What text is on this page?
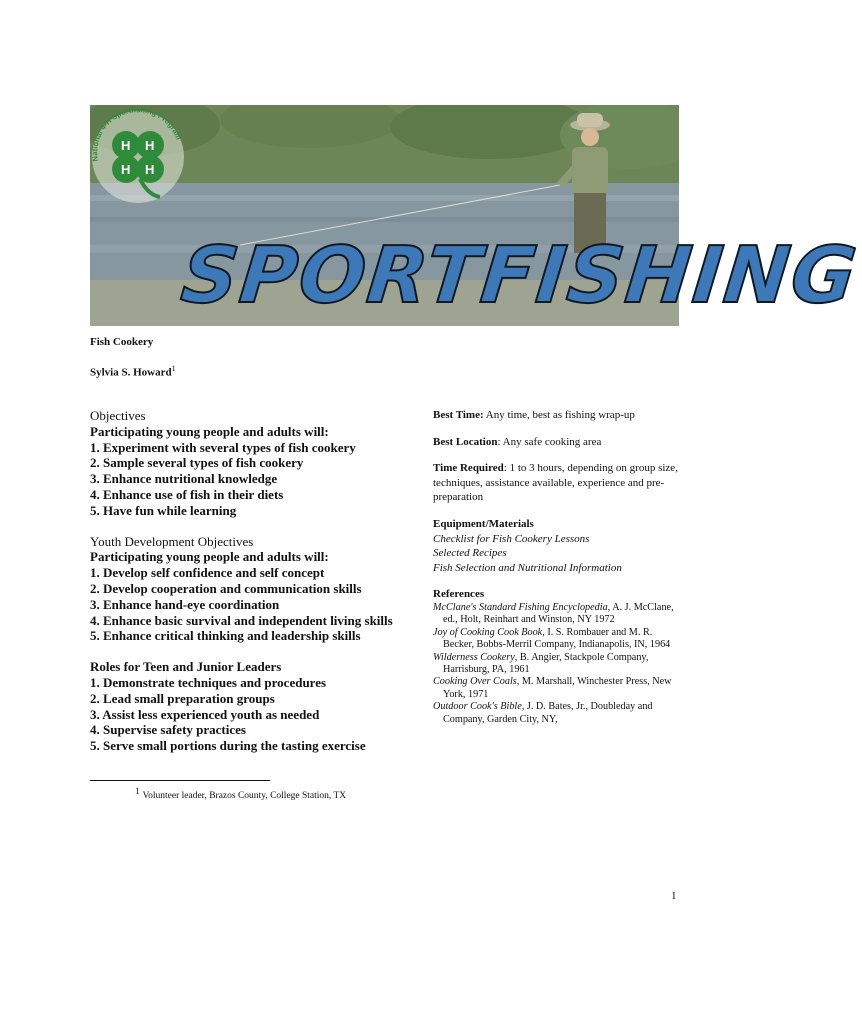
H H
H H
National 4-H Sportfishing Program
SPORTFISHING
Fish Cookery
Sylvia S. Howard$^1$
Objectives
Participating young people and adults will:
1. Experiment with several types of fish cookery
2. Sample several types of fish cookery
3. Enhance nutritional knowledge
4. Enhance use of fish in their diets
5. Have fun while learning
Youth Development Objectives
Participating young people and adults will:
1. Develop self confidence and self concept
2. Develop cooperation and communication skills
3. Enhance hand-eye coordination
4. Enhance basic survival and independent living skills
5. Enhance critical thinking and leadership skills
Roles for Teen and Junior Leaders
1. Demonstrate techniques and procedures
2. Lead small preparation groups
3. Assist less experienced youth as needed
4. Supervise safety practices
5. Serve small portions during the tasting exercise
Best Time: Any time, best as fishing wrap-up
Best Location: Any safe cooking area
Time Required: 1 to 3 hours, depending on group size, techniques, assistance available, experience and pre-preparation
Equipment/Materials
Checklist for Fish Cookery Lessons
Selected Recipes
Fish Selection and Nutritional Information
References
McClane's Standard Fishing Encyclopedia, A. J. McClane, ed., Holt, Reinhart and Winston, NY 1972
Joy of Cooking Cook Book, I. S. Rombauer and M. R. Becker, Bobbs-Merril Company, Indianapolis, IN, 1964
Wilderness Cookery, B. Angier, Stackpole Company, Harrisburg, PA, 1961
Cooking Over Coals, M. Marshall, Winchester Press, New York, 1971
Outdoor Cook's Bible, J. D. Bates, Jr., Doubleday and Company, Garden City, NY,
1Volunteer leader, Brazos County, College Station, TX
1
